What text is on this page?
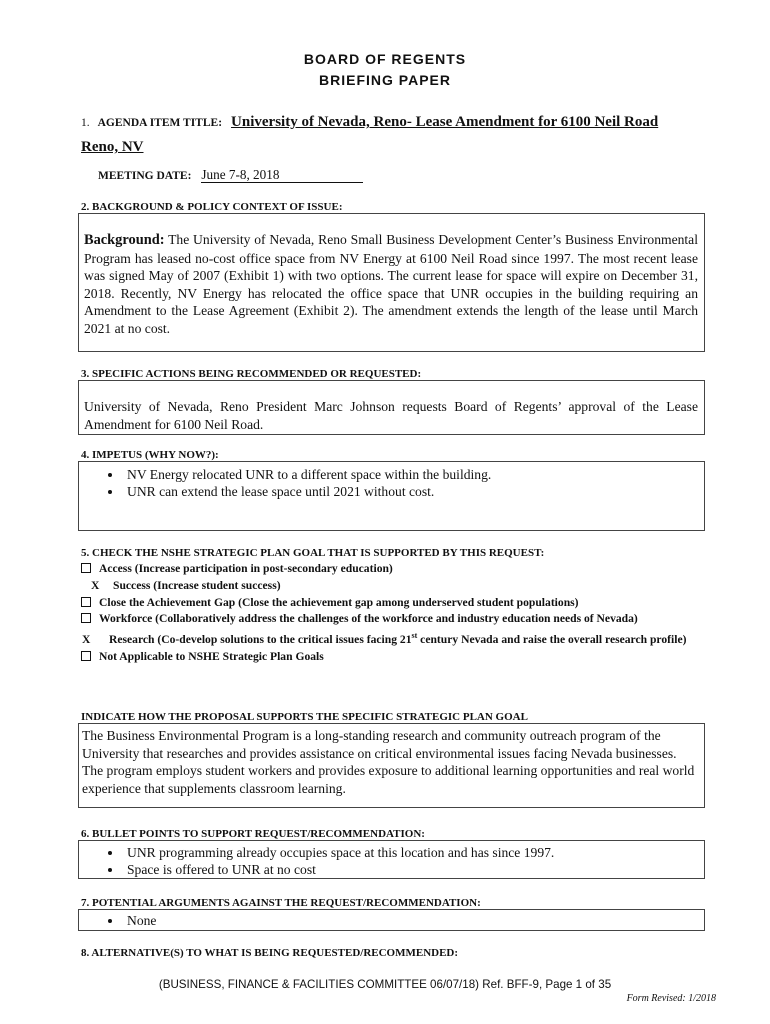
BOARD OF REGENTS
BRIEFING PAPER
1. AGENDA ITEM TITLE: University of Nevada, Reno- Lease Amendment for 6100 Neil Road
Reno, NV
MEETING DATE: June 7-8, 2018
2. BACKGROUND & POLICY CONTEXT OF ISSUE:
Background: The University of Nevada, Reno Small Business Development Center’s Business Environmental Program has leased no-cost office space from NV Energy at 6100 Neil Road since 1997. The most recent lease was signed May of 2007 (Exhibit 1) with two options. The current lease for space will expire on December 31, 2018. Recently, NV Energy has relocated the office space that UNR occupies in the building requiring an Amendment to the Lease Agreement (Exhibit 2). The amendment extends the length of the lease until March 2021 at no cost.
3. SPECIFIC ACTIONS BEING RECOMMENDED OR REQUESTED:
University of Nevada, Reno President Marc Johnson requests Board of Regents’ approval of the Lease Amendment for 6100 Neil Road.
4. IMPETUS (WHY NOW?):
• NV Energy relocated UNR to a different space within the building.
• UNR can extend the lease space until 2021 without cost.
5. CHECK THE NSHE STRATEGIC PLAN GOAL THAT IS SUPPORTED BY THIS REQUEST:
Access (Increase participation in post-secondary education)
X Success (Increase student success)
Close the Achievement Gap (Close the achievement gap among underserved student populations)
Workforce (Collaboratively address the challenges of the workforce and industry education needs of Nevada)
X Research (Co-develop solutions to the critical issues facing 21st century Nevada and raise the overall research profile)
Not Applicable to NSHE Strategic Plan Goals
INDICATE HOW THE PROPOSAL SUPPORTS THE SPECIFIC STRATEGIC PLAN GOAL
The Business Environmental Program is a long-standing research and community outreach program of the University that researches and provides assistance on critical environmental issues facing Nevada businesses. The program employs student workers and provides exposure to additional learning opportunities and real world experience that supplements classroom learning.
6. BULLET POINTS TO SUPPORT REQUEST/RECOMMENDATION:
• UNR programming already occupies space at this location and has since 1997.
• Space is offered to UNR at no cost
7. POTENTIAL ARGUMENTS AGAINST THE REQUEST/RECOMMENDATION:
• None
8. ALTERNATIVE(S) TO WHAT IS BEING REQUESTED/RECOMMENDED:
(BUSINESS, FINANCE & FACILITIES COMMITTEE 06/07/18) Ref. BFF-9, Page 1 of 35
Form Revised: 1/2018
